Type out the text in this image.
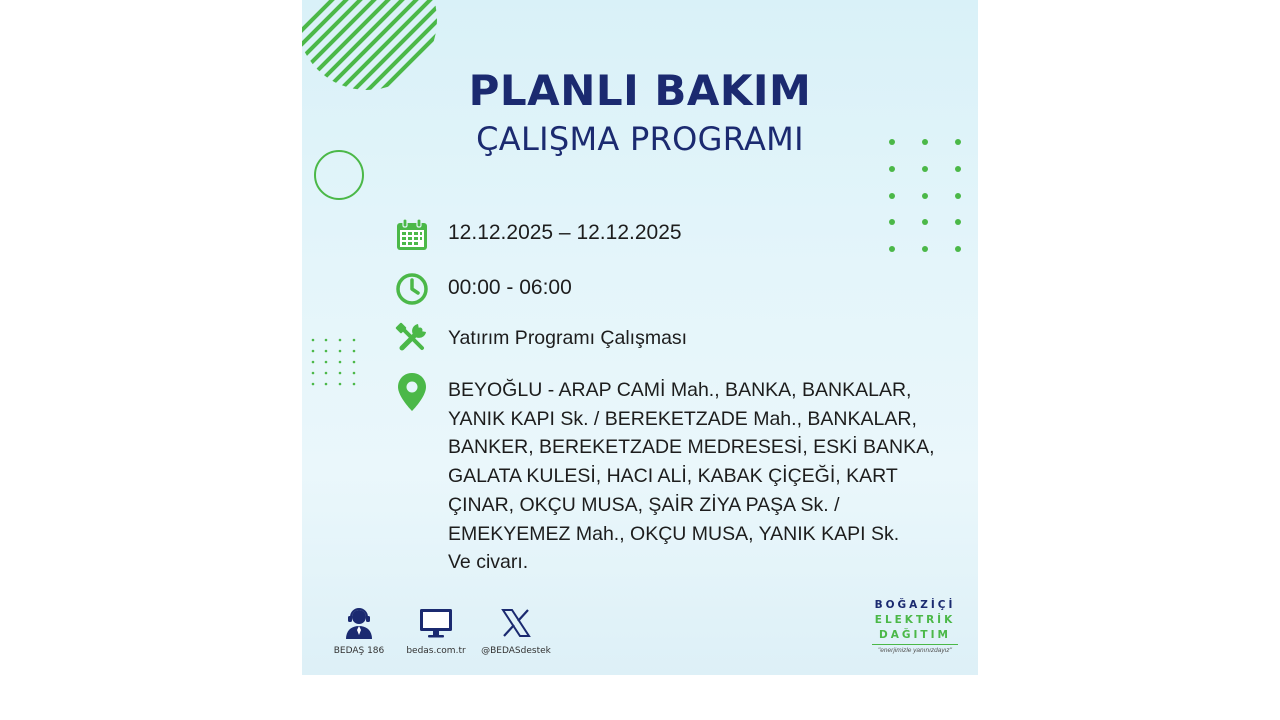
PLANLI BAKIM
ÇALIŞMA PROGRAMI
12.12.2025 – 12.12.2025
00:00 - 06:00
Yatırım Programı Çalışması
BEYOĞLU - ARAP CAMİ Mah., BANKA, BANKALAR,
YANIK KAPI Sk. / BEREKETZADE Mah., BANKALAR,
BANKER, BEREKETZADE MEDRESESİ, ESKİ BANKA,
GALATA KULESİ, HACI ALİ, KABAK ÇİÇEĞİ, KART
ÇINAR, OKÇU MUSA, ŞAİR ZİYA PAŞA Sk. /
EMEKYEMEZ Mah., OKÇU MUSA, YANIK KAPI Sk.
Ve civarı.
BEDAŞ 186 bedas.com.tr	@BEDASdestek
BOĞAZİÇİ
ELEKTRİK
DAĞITIM
"enerjimizle yanınızdayız"
